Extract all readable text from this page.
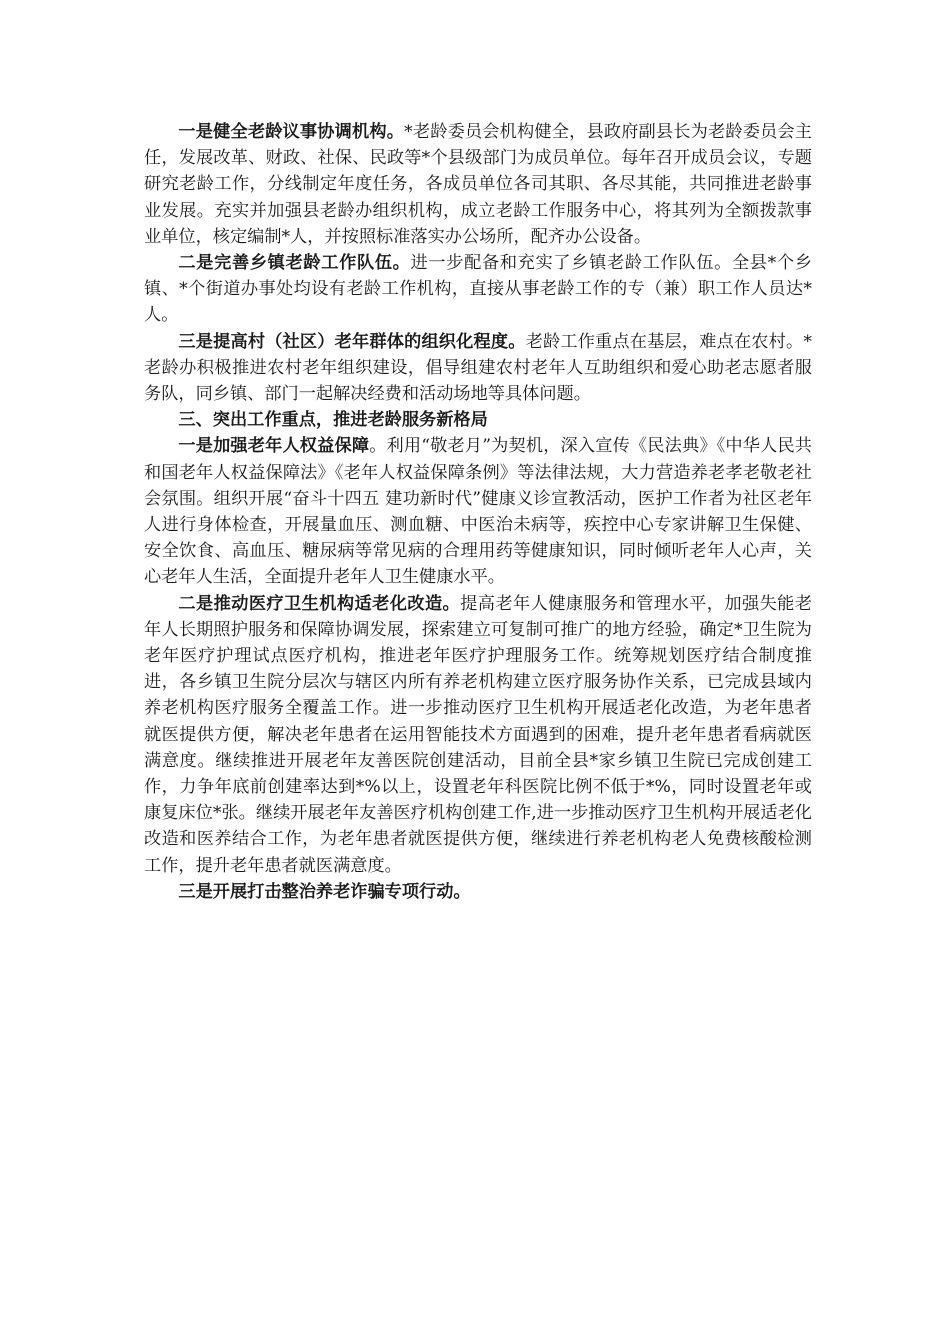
一是健全老龄议事协调机构。*老龄委员会机构健全，县政府副县长为老龄委员会主任，发展改革、财政、社保、民政等*个县级部门为成员单位。每年召开成员会议，专题研究老龄工作，分线制定年度任务，各成员单位各司其职、各尽其能，共同推进老龄事业发展。充实并加强县老龄办组织机构，成立老龄工作服务中心，将其列为全额拨款事业单位，核定编制*人，并按照标准落实办公场所，配齐办公设备。

二是完善乡镇老龄工作队伍。进一步配备和充实了乡镇老龄工作队伍。全县*个乡镇、*个街道办事处均设有老龄工作机构，直接从事老龄工作的专（兼）职工作人员达*人。

三是提高村（社区）老年群体的组织化程度。老龄工作重点在基层，难点在农村。*老龄办积极推进农村老年组织建设，倡导组建农村老年人互助组织和爱心助老志愿者服务队，同乡镇、部门一起解决经费和活动场地等具体问题。

三、突出工作重点，推进老龄服务新格局

一是加强老年人权益保障。利用“敬老月”为契机，深入宣传《民法典》《中华人民共和国老年人权益保障法》《老年人权益保障条例》等法律法规，大力营造养老孝老敬老社会氛围。组织开展“奋斗十四五 建功新时代”健康义诊宣教活动，医护工作者为社区老年人进行身体检查，开展量血压、测血糖、中医治未病等，疾控中心专家讲解卫生保健、安全饮食、高血压、糖尿病等常见病的合理用药等健康知识，同时倾听老年人心声，关心老年人生活，全面提升老年人卫生健康水平。

二是推动医疗卫生机构适老化改造。提高老年人健康服务和管理水平，加强失能老年人长期照护服务和保障协调发展，探索建立可复制可推广的地方经验，确定*卫生院为老年医疗护理试点医疗机构，推进老年医疗护理服务工作。统筹规划医疗结合制度推进，各乡镇卫生院分层次与辖区内所有养老机构建立医疗服务协作关系，已完成县域内养老机构医疗服务全覆盖工作。进一步推动医疗卫生机构开展适老化改造，为老年患者就医提供方便，解决老年患者在运用智能技术方面遇到的困难，提升老年患者看病就医满意度。继续推进开展老年友善医院创建活动，目前全县*家乡镇卫生院已完成创建工作，力争年底前创建率达到*%以上，设置老年科医院比例不低于*%，同时设置老年或康复床位*张。继续开展老年友善医疗机构创建工作,进一步推动医疗卫生机构开展适老化改造和医养结合工作，为老年患者就医提供方便，继续进行养老机构老人免费核酸检测工作，提升老年患者就医满意度。

三是开展打击整治养老诈骗专项行动。
